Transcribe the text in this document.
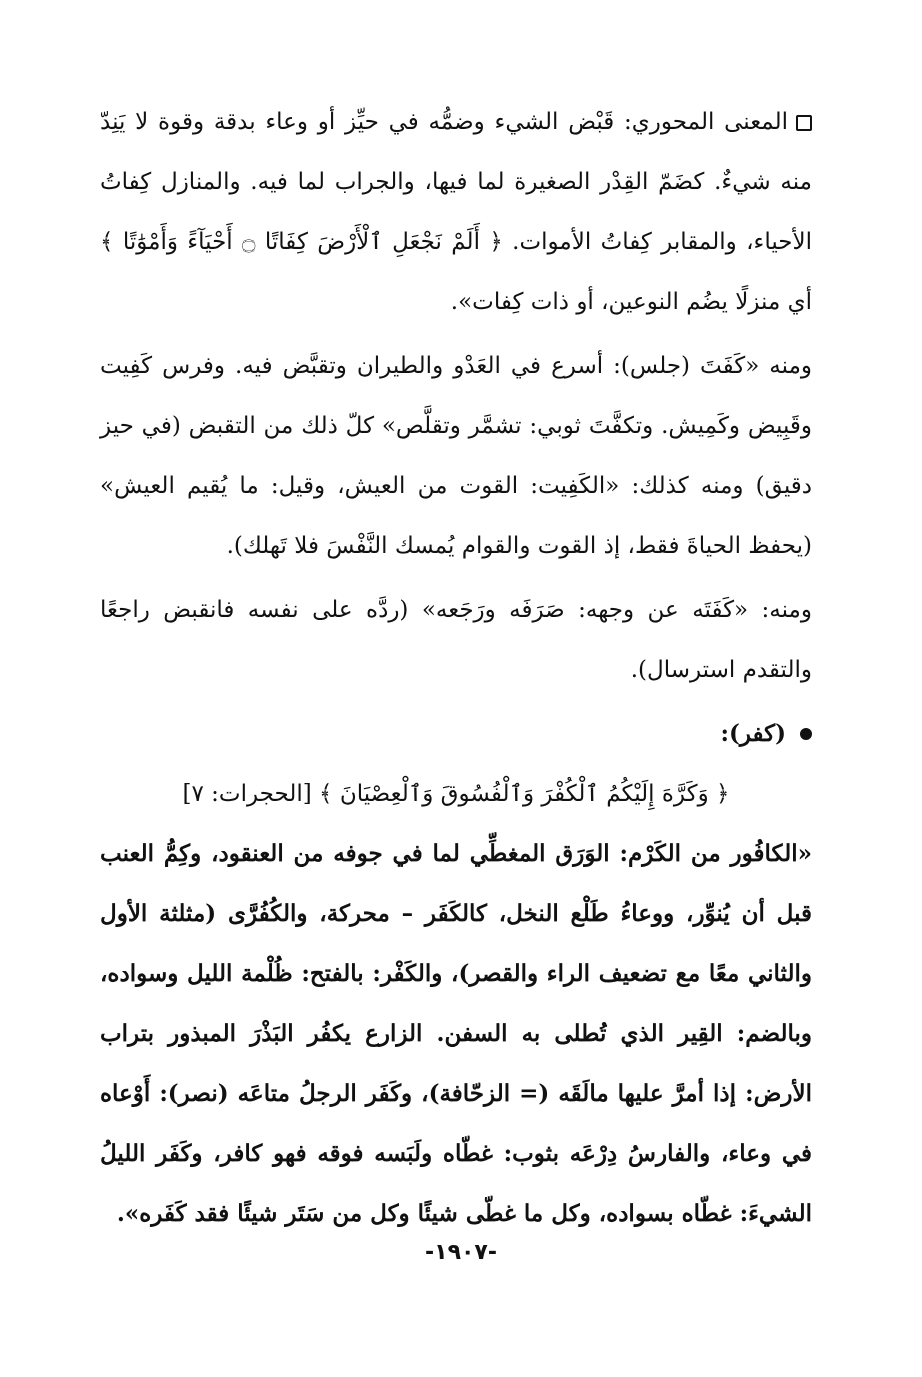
المعنى المحوري: قَبْض الشيء وضمُّه في حيِّز أو وعاء بدقة وقوة لا يَنِدّ منه شيءٌ. كضَمّ القِدْر الصغيرة لما فيها، والجراب لما فيه. والمنازل كِفاتُ الأحياء، والمقابر كِفاتُ الأموات. ﴿ أَلَمْ نَجْعَلِ ٱلْأَرْضَ كِفَاتًا ۝ أَحْيَآءً وَأَمْوَٰتًا ﴾ أي منزلًا يضُم النوعين، أو ذات كِفات».

ومنه «كَفَتَ (جلس): أسرع في العَدْو والطيران وتقبَّض فيه. وفرس كَفِيت وقَبِيض وكَمِيش. وتكفَّتَ ثوبي: تشمَّر وتقلَّص» كلّ ذلك من التقبض (في حيز دقيق) ومنه كذلك: «الكَفِيت: القوت من العيش، وقيل: ما يُقيم العيش» (يحفظ الحياةَ فقط، إذ القوت والقوام يُمسك النَّفْسَ فلا تَهلك).

ومنه: «كَفَتَه عن وجهه: صَرَفَه ورَجَعه» (ردَّه على نفسه فانقبض راجعًا والتقدم استرسال).

(كفر):

﴿ وَكَرَّهَ إِلَيْكُمُ ٱلْكُفْرَ وَٱلْفُسُوقَ وَٱلْعِصْيَانَ ﴾ [الحجرات: ٧]

«الكافُور من الكَرْم: الوَرَق المغطِّي لما في جوفه من العنقود، وكِمُّ العنب قبل أن يُنوِّر، ووعاءُ طَلْع النخل، كالكَفَر – محركة، والكُفُرَّى (مثلثة الأول والثاني معًا مع تضعيف الراء والقصر)، والكَفْر: بالفتح: ظُلْمة الليل وسواده، وبالضم: القِير الذي تُطلى به السفن. الزارع يكفُر البَذْرَ المبذور بتراب الأرض: إذا أمرَّ عليها مالَقَه (= الزحّافة)، وكَفَر الرجلُ متاعَه (نصر): أَوْعاه في وعاء، والفارسُ دِرْعَه بثوب: غطّاه ولَبَسه فوقه فهو كافر، وكَفَر الليلُ الشيءَ: غطّاه بسواده، وكل ما غطّى شيئًا وكل من سَتَر شيئًا فقد كَفَره».

-١٩٠٧-
